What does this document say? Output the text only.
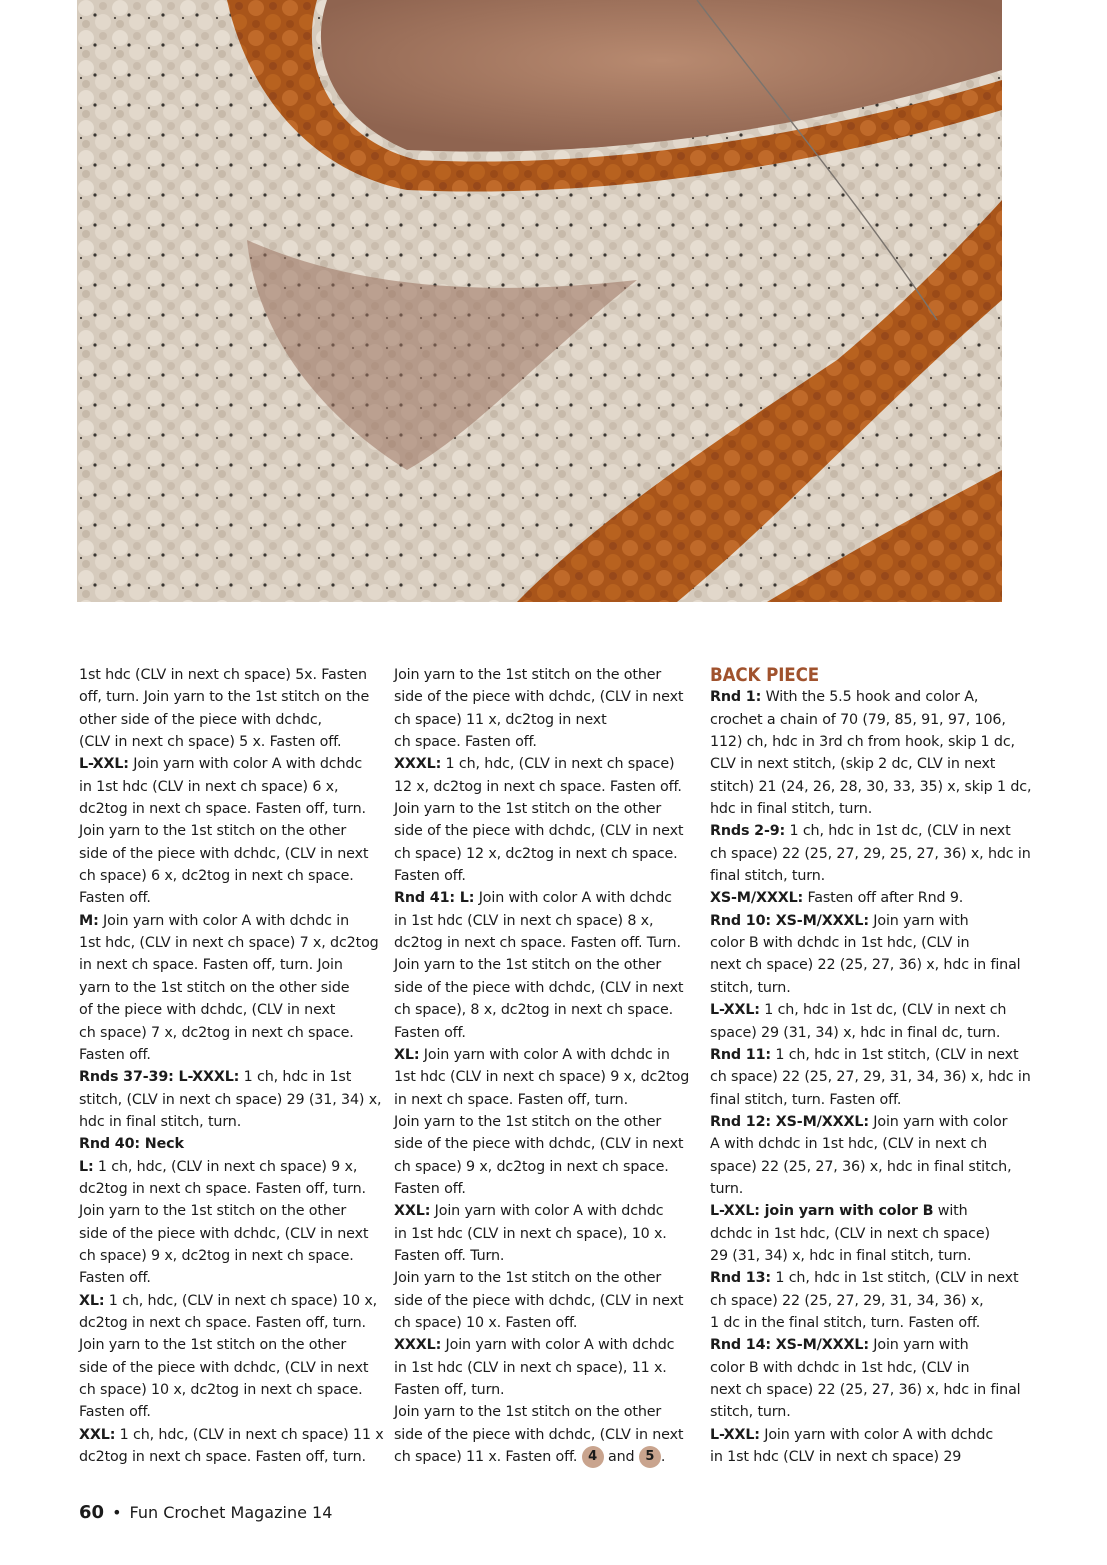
1st hdc (CLV in next ch space) 5x. Fasten
off, turn. Join yarn to the 1st stitch on the
other side of the piece with dchdc,
(CLV in next ch space) 5 x. Fasten off.
L-XXL: Join yarn with color A with dchdc
in 1st hdc (CLV in next ch space) 6 x,
dc2tog in next ch space. Fasten off, turn.
Join yarn to the 1st stitch on the other
side of the piece with dchdc, (CLV in next
ch space) 6 x, dc2tog in next ch space.
Fasten off.
M: Join yarn with color A with dchdc in
1st hdc, (CLV in next ch space) 7 x, dc2tog
in next ch space. Fasten off, turn. Join
yarn to the 1st stitch on the other side
of the piece with dchdc, (CLV in next
ch space) 7 x, dc2tog in next ch space.
Fasten off.
Rnds 37-39: L-XXXL: 1 ch, hdc in 1st
stitch, (CLV in next ch space) 29 (31, 34) x,
hdc in final stitch, turn.
Rnd 40: Neck
L: 1 ch, hdc, (CLV in next ch space) 9 x,
dc2tog in next ch space. Fasten off, turn.
Join yarn to the 1st stitch on the other
side of the piece with dchdc, (CLV in next
ch space) 9 x, dc2tog in next ch space.
Fasten off.
XL: 1 ch, hdc, (CLV in next ch space) 10 x,
dc2tog in next ch space. Fasten off, turn.
Join yarn to the 1st stitch on the other
side of the piece with dchdc, (CLV in next
ch space) 10 x, dc2tog in next ch space.
Fasten off.
XXL: 1 ch, hdc, (CLV in next ch space) 11 x
dc2tog in next ch space. Fasten off, turn.
Join yarn to the 1st stitch on the other
side of the piece with dchdc, (CLV in next
ch space) 11 x, dc2tog in next
ch space. Fasten off.
XXXL: 1 ch, hdc, (CLV in next ch space)
12 x, dc2tog in next ch space. Fasten off.
Join yarn to the 1st stitch on the other
side of the piece with dchdc, (CLV in next
ch space) 12 x, dc2tog in next ch space.
Fasten off.
Rnd 41: L: Join with color A with dchdc
in 1st hdc (CLV in next ch space) 8 x,
dc2tog in next ch space. Fasten off. Turn.
Join yarn to the 1st stitch on the other
side of the piece with dchdc, (CLV in next
ch space), 8 x, dc2tog in next ch space.
Fasten off.
XL: Join yarn with color A with dchdc in
1st hdc (CLV in next ch space) 9 x, dc2tog
in next ch space. Fasten off, turn.
Join yarn to the 1st stitch on the other
side of the piece with dchdc, (CLV in next
ch space) 9 x, dc2tog in next ch space.
Fasten off.
XXL: Join yarn with color A with dchdc
in 1st hdc (CLV in next ch space), 10 x.
Fasten off. Turn.
Join yarn to the 1st stitch on the other
side of the piece with dchdc, (CLV in next
ch space) 10 x. Fasten off.
XXXL: Join yarn with color A with dchdc
in 1st hdc (CLV in next ch space), 11 x.
Fasten off, turn.
Join yarn to the 1st stitch on the other
side of the piece with dchdc, (CLV in next
ch space) 11 x. Fasten off. 4 and 5 .
BACK PIECE
Rnd 1: With the 5.5 hook and color A,
crochet a chain of 70 (79, 85, 91, 97, 106,
112) ch, hdc in 3rd ch from hook, skip 1 dc,
CLV in next stitch, (skip 2 dc, CLV in next
stitch) 21 (24, 26, 28, 30, 33, 35) x, skip 1 dc,
hdc in final stitch, turn.
Rnds 2-9: 1 ch, hdc in 1st dc, (CLV in next
ch space) 22 (25, 27, 29, 25, 27, 36) x, hdc in
final stitch, turn.
XS-M/XXXL: Fasten off after Rnd 9.
Rnd 10: XS-M/XXXL: Join yarn with
color B with dchdc in 1st hdc, (CLV in
next ch space) 22 (25, 27, 36) x, hdc in final
stitch, turn.
L-XXL: 1 ch, hdc in 1st dc, (CLV in next ch
space) 29 (31, 34) x, hdc in final dc, turn.
Rnd 11: 1 ch, hdc in 1st stitch, (CLV in next
ch space) 22 (25, 27, 29, 31, 34, 36) x, hdc in
final stitch, turn. Fasten off.
Rnd 12: XS-M/XXXL: Join yarn with color
A with dchdc in 1st hdc, (CLV in next ch
space) 22 (25, 27, 36) x, hdc in final stitch,
turn.
L-XXL: join yarn with color B with
dchdc in 1st hdc, (CLV in next ch space)
29 (31, 34) x, hdc in final stitch, turn.
Rnd 13: 1 ch, hdc in 1st stitch, (CLV in next
ch space) 22 (25, 27, 29, 31, 34, 36) x,
1 dc in the final stitch, turn. Fasten off.
Rnd 14: XS-M/XXXL: Join yarn with
color B with dchdc in 1st hdc, (CLV in
next ch space) 22 (25, 27, 36) x, hdc in final
stitch, turn.
L-XXL: Join yarn with color A with dchdc
in 1st hdc (CLV in next ch space) 29
60 • Fun Crochet Magazine 14
